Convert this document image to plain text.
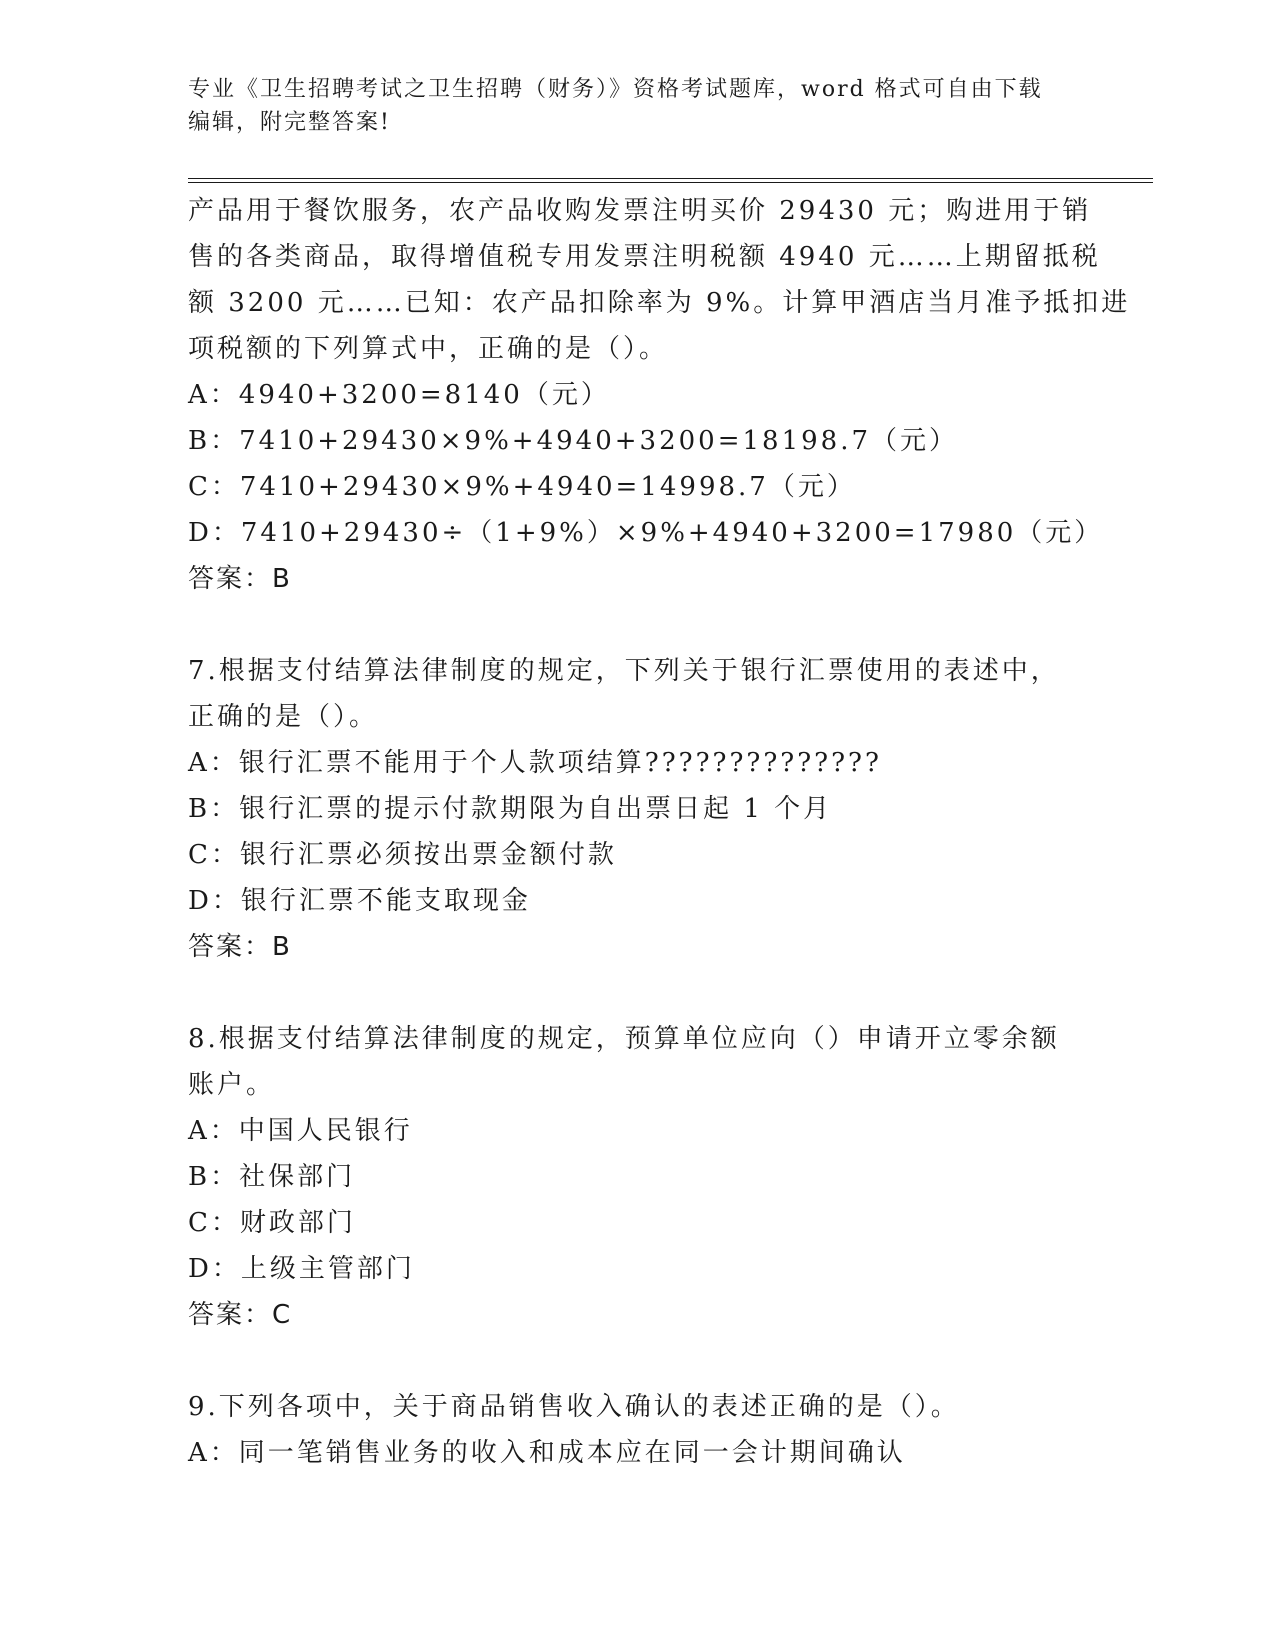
专业《卫生招聘考试之卫生招聘（财务）》资格考试题库，word 格式可自由下载
编辑，附完整答案!
产品用于餐饮服务，农产品收购发票注明买价 29430 元；购进用于销
售的各类商品，取得增值税专用发票注明税额 4940 元……上期留抵税
额 3200 元……已知：农产品扣除率为 9%。计算甲酒店当月准予抵扣进
项税额的下列算式中，正确的是（）。
A：4940+3200=8140（元）
B：7410+29430×9%+4940+3200=18198.7（元）
C：7410+29430×9%+4940=14998.7（元）
D：7410+29430÷（1+9%）×9%+4940+3200=17980（元）
答案：B
7.根据支付结算法律制度的规定，下列关于银行汇票使用的表述中，
正确的是（）。
A：银行汇票不能用于个人款项结算??????????????
B：银行汇票的提示付款期限为自出票日起 1 个月
C：银行汇票必须按出票金额付款
D：银行汇票不能支取现金
答案：B
8.根据支付结算法律制度的规定，预算单位应向（）申请开立零余额
账户。
A：中国人民银行
B：社保部门
C：财政部门
D：上级主管部门
答案：C
9.下列各项中，关于商品销售收入确认的表述正确的是（）。
A：同一笔销售业务的收入和成本应在同一会计期间确认
